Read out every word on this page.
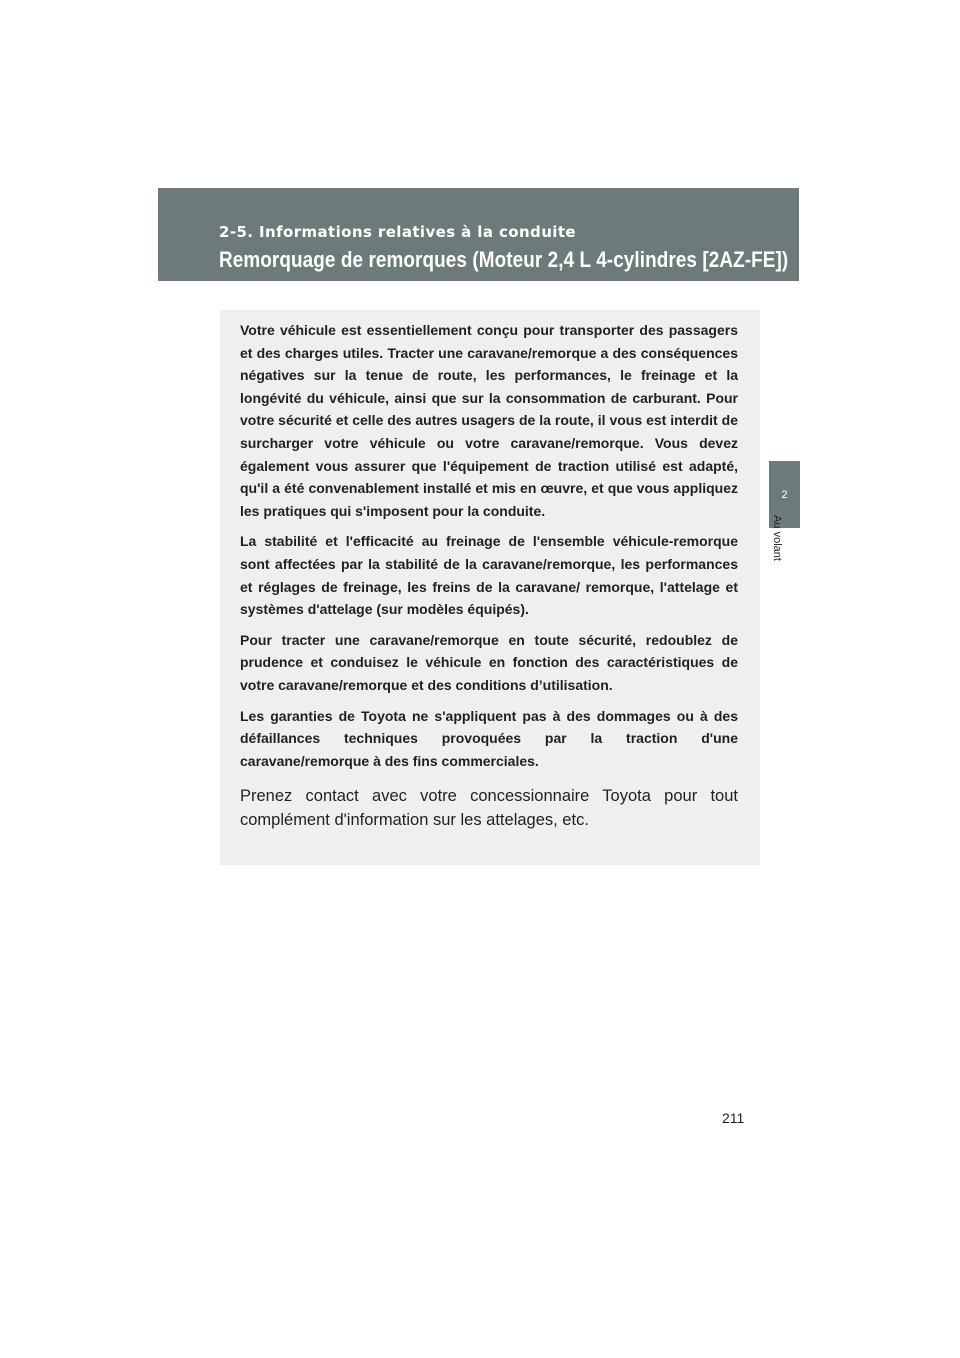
2-5. Informations relatives à la conduite
Remorquage de remorques (Moteur 2,4 L 4-cylindres [2AZ-FE])
2
Au volant

Votre véhicule est essentiellement conçu pour transporter des passagers et des charges utiles. Tracter une caravane/remorque a des conséquences négatives sur la tenue de route, les performances, le freinage et la longévité du véhicule, ainsi que sur la consommation de carburant. Pour votre sécurité et celle des autres usagers de la route, il vous est interdit de surcharger votre véhicule ou votre caravane/remorque. Vous devez également vous assurer que l'équipement de traction utilisé est adapté, qu'il a été convenablement installé et mis en œuvre, et que vous appliquez les pratiques qui s'imposent pour la conduite.

La stabilité et l'efficacité au freinage de l'ensemble véhicule-remorque sont affectées par la stabilité de la caravane/remorque, les performances et réglages de freinage, les freins de la caravane/ remorque, l'attelage et systèmes d'attelage (sur modèles équipés).

Pour tracter une caravane/remorque en toute sécurité, redoublez de prudence et conduisez le véhicule en fonction des caractéristiques de votre caravane/remorque et des conditions d’utilisation.

Les garanties de Toyota ne s'appliquent pas à des dommages ou à des défaillances techniques provoquées par la traction d'une caravane/remorque à des fins commerciales.

Prenez contact avec votre concessionnaire Toyota pour tout complément d'information sur les attelages, etc.

211
